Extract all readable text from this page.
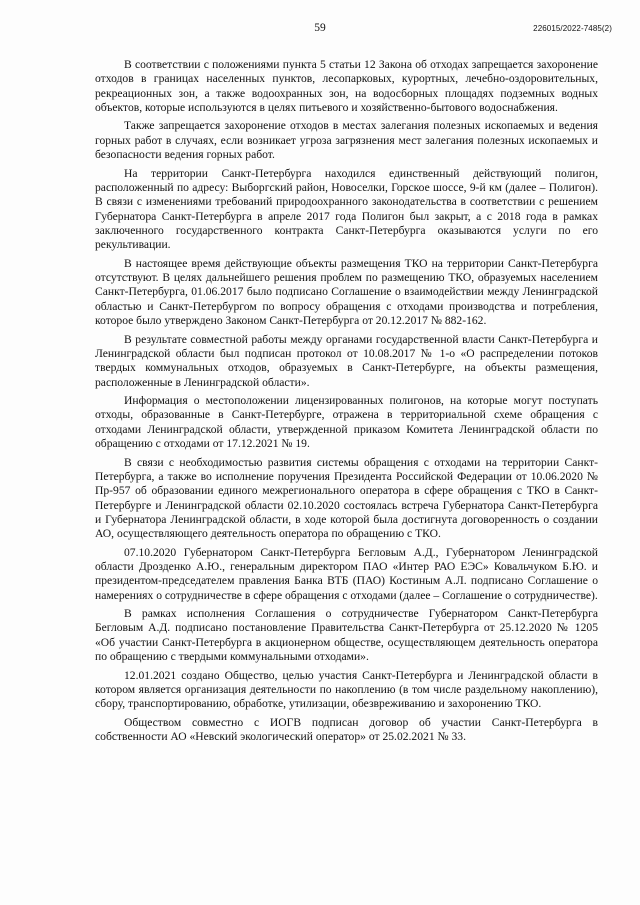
59	226015/2022-7485(2)

В соответствии с положениями пункта 5 статьи 12 Закона об отходах запрещается захоронение отходов в границах населенных пунктов, лесопарковых, курортных, лечебно-оздоровительных, рекреационных зон, а также водоохранных зон, на водосборных площадях подземных водных объектов, которые используются в целях питьевого и хозяйственно-бытового водоснабжения.

Также запрещается захоронение отходов в местах залегания полезных ископаемых и ведения горных работ в случаях, если возникает угроза загрязнения мест залегания полезных ископаемых и безопасности ведения горных работ.

На территории Санкт-Петербурга находился единственный действующий полигон, расположенный по адресу: Выборгский район, Новоселки, Горское шоссе, 9-й км (далее – Полигон). В связи с изменениями требований природоохранного законодательства в соответствии с решением Губернатора Санкт-Петербурга в апреле 2017 года Полигон был закрыт, а с 2018 года в рамках заключенного государственного контракта Санкт-Петербурга оказываются услуги по его рекультивации.

В настоящее время действующие объекты размещения ТКО на территории Санкт-Петербурга отсутствуют. В целях дальнейшего решения проблем по размещению ТКО, образуемых населением Санкт-Петербурга, 01.06.2017 было подписано Соглашение о взаимодействии между Ленинградской областью и Санкт-Петербургом по вопросу обращения с отходами производства и потребления, которое было утверждено Законом Санкт-Петербурга от 20.12.2017 № 882-162.

В результате совместной работы между органами государственной власти Санкт-Петербурга и Ленинградской области был подписан протокол от 10.08.2017 № 1-о «О распределении потоков твердых коммунальных отходов, образуемых в Санкт-Петербурге, на объекты размещения, расположенные в Ленинградской области».

Информация о местоположении лицензированных полигонов, на которые могут поступать отходы, образованные в Санкт-Петербурге, отражена в территориальной схеме обращения с отходами Ленинградской области, утвержденной приказом Комитета Ленинградской области по обращению с отходами от 17.12.2021 № 19.

В связи с необходимостью развития системы обращения с отходами на территории Санкт-Петербурга, а также во исполнение поручения Президента Российской Федерации от 10.06.2020 № Пр-957 об образовании единого межрегионального оператора в сфере обращения с ТКО в Санкт-Петербурге и Ленинградской области 02.10.2020 состоялась встреча Губернатора Санкт-Петербурга и Губернатора Ленинградской области, в ходе которой была достигнута договоренность о создании АО, осуществляющего деятельность оператора по обращению с ТКО.

07.10.2020 Губернатором Санкт-Петербурга Бегловым А.Д., Губернатором Ленинградской области Дрозденко А.Ю., генеральным директором ПАО «Интер РАО ЕЭС» Ковальчуком Б.Ю. и президентом-председателем правления Банка ВТБ (ПАО) Костиным А.Л. подписано Соглашение о намерениях о сотрудничестве в сфере обращения с отходами (далее – Соглашение о сотрудничестве).

В рамках исполнения Соглашения о сотрудничестве Губернатором Санкт-Петербурга Бегловым А.Д. подписано постановление Правительства Санкт-Петербурга от 25.12.2020 № 1205 «Об участии Санкт-Петербурга в акционерном обществе, осуществляющем деятельность оператора по обращению с твердыми коммунальными отходами».

12.01.2021 создано Общество, целью участия Санкт-Петербурга и Ленинградской области в котором является организация деятельности по накоплению (в том числе раздельному накоплению), сбору, транспортированию, обработке, утилизации, обезвреживанию и захоронению ТКО.

Обществом совместно с ИОГВ подписан договор об участии Санкт-Петербурга в собственности АО «Невский экологический оператор» от 25.02.2021 № 33.
